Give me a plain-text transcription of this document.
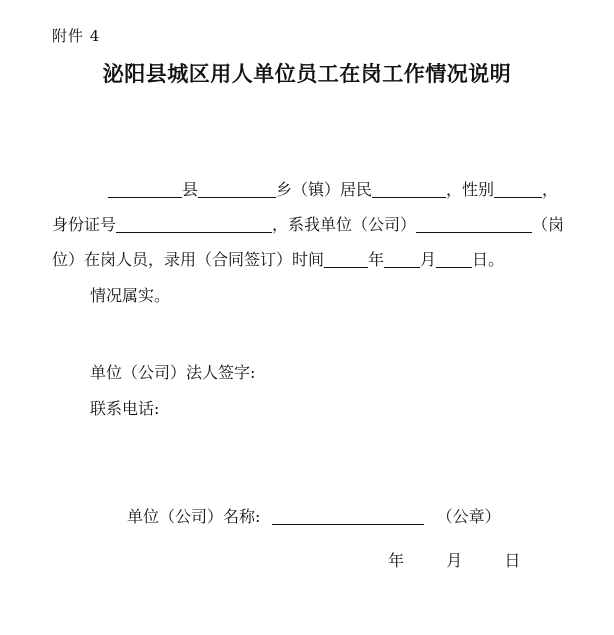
附件 4
泌阳县城区用人单位员工在岗工作情况说明
县	乡（镇）居民	，性别	，
身份证号	，系我单位（公司）	（岗
位）在岗人员，录用（合同签订）时间	年 月 日。
情况属实。
单位（公司）法人签字:
联系电话:
单位（公司）名称:	（公章）
年	月	日
